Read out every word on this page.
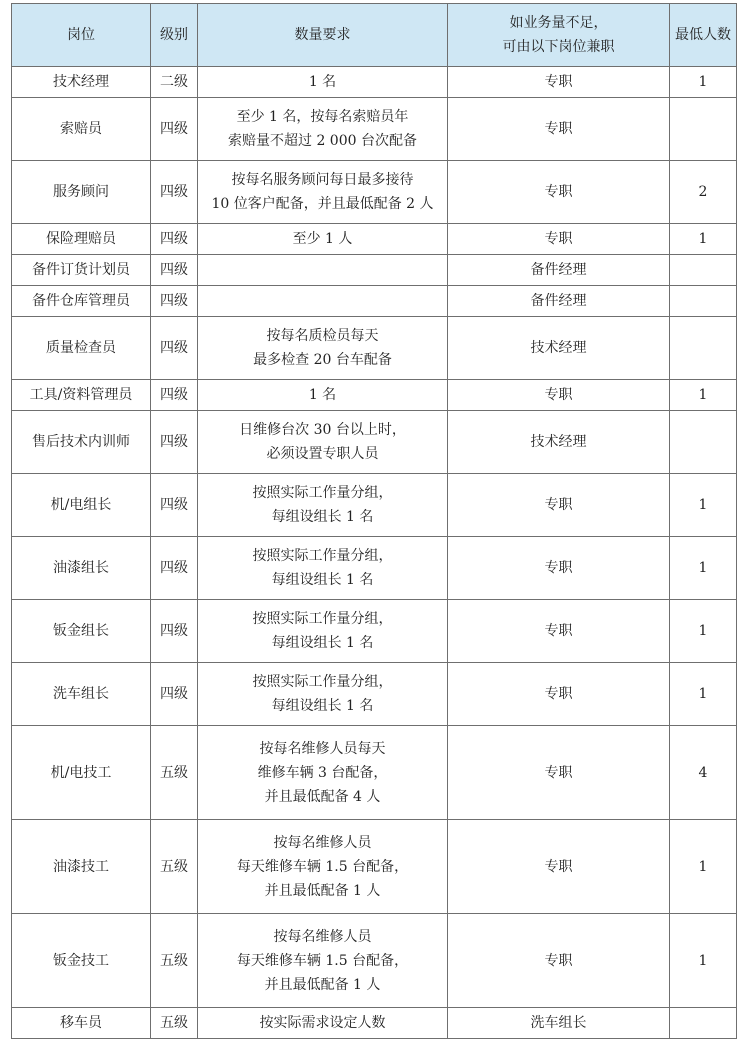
岗位	级别	数量要求	如业务量不足，
可由以下岗位兼职	最低人数
技术经理	二级	1 名	专职	1
索赔员	四级	至少 1 名，按每名索赔员年
索赔量不超过 2 000 台次配备	专职	
服务顾问	四级	按每名服务顾问每日最多接待
10 位客户配备，并且最低配备 2 人	专职	2
保险理赔员	四级	至少 1 人	专职	1
备件订货计划员	四级		备件经理	
备件仓库管理员	四级		备件经理	
质量检查员	四级	按每名质检员每天
最多检查 20 台车配备	技术经理	
工具/资料管理员	四级	1 名	专职	1
售后技术内训师	四级	日维修台次 30 台以上时，
必须设置专职人员	技术经理	
机/电组长	四级	按照实际工作量分组，
每组设组长 1 名	专职	1
油漆组长	四级	按照实际工作量分组，
每组设组长 1 名	专职	1
钣金组长	四级	按照实际工作量分组，
每组设组长 1 名	专职	1
洗车组长	四级	按照实际工作量分组，
每组设组长 1 名	专职	1
机/电技工	五级	按每名维修人员每天
维修车辆 3 台配备，
并且最低配备 4 人	专职	4
油漆技工	五级	按每名维修人员
每天维修车辆 1.5 台配备，
并且最低配备 1 人	专职	1
钣金技工	五级	按每名维修人员
每天维修车辆 1.5 台配备，
并且最低配备 1 人	专职	1
移车员	五级	按实际需求设定人数	洗车组长	
